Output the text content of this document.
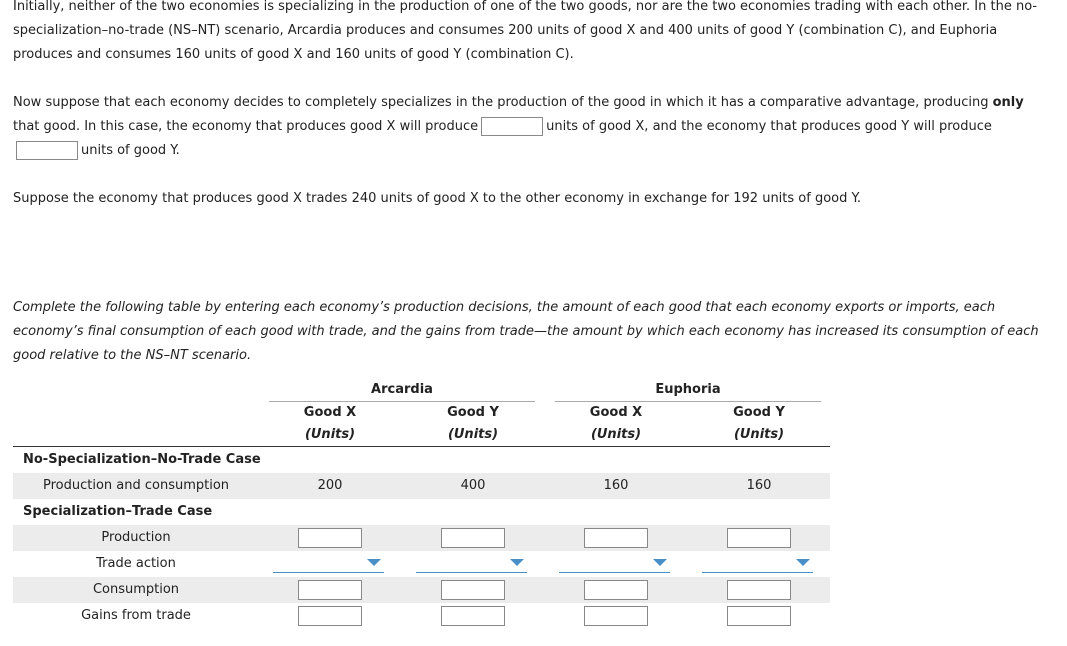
Initially, neither of the two economies is specializing in the production of one of the two goods, nor are the two economies trading with each other. In the no-specialization–no-trade (NS–NT) scenario, Arcardia produces and consumes 200 units of good X and 400 units of good Y (combination C), and Euphoria produces and consumes 160 units of good X and 160 units of good Y (combination C).
Now suppose that each economy decides to completely specializes in the production of the good in which it has a comparative advantage, producing only that good. In this case, the economy that produces good X will produce	units of good X, and the economy that produces good Y will produceunits of good Y.
Suppose the economy that produces good X trades 240 units of good X to the other economy in exchange for 192 units of good Y.
Complete the following table by entering each economy’s production decisions, the amount of each good that each economy exports or imports, each economy’s final consumption of each good with trade, and the gains from trade—the amount by which each economy has increased its consumption of each good relative to the NS–NT scenario.
Arcardia	Euphoria
Good X	Good Y	Good X	Good Y
(Units)	(Units)	(Units)	(Units)
No-Specialization–No-Trade Case
Production and consumption	200	400	160	160
Specialization–Trade Case
Production
Trade action
Consumption
Gains from trade
